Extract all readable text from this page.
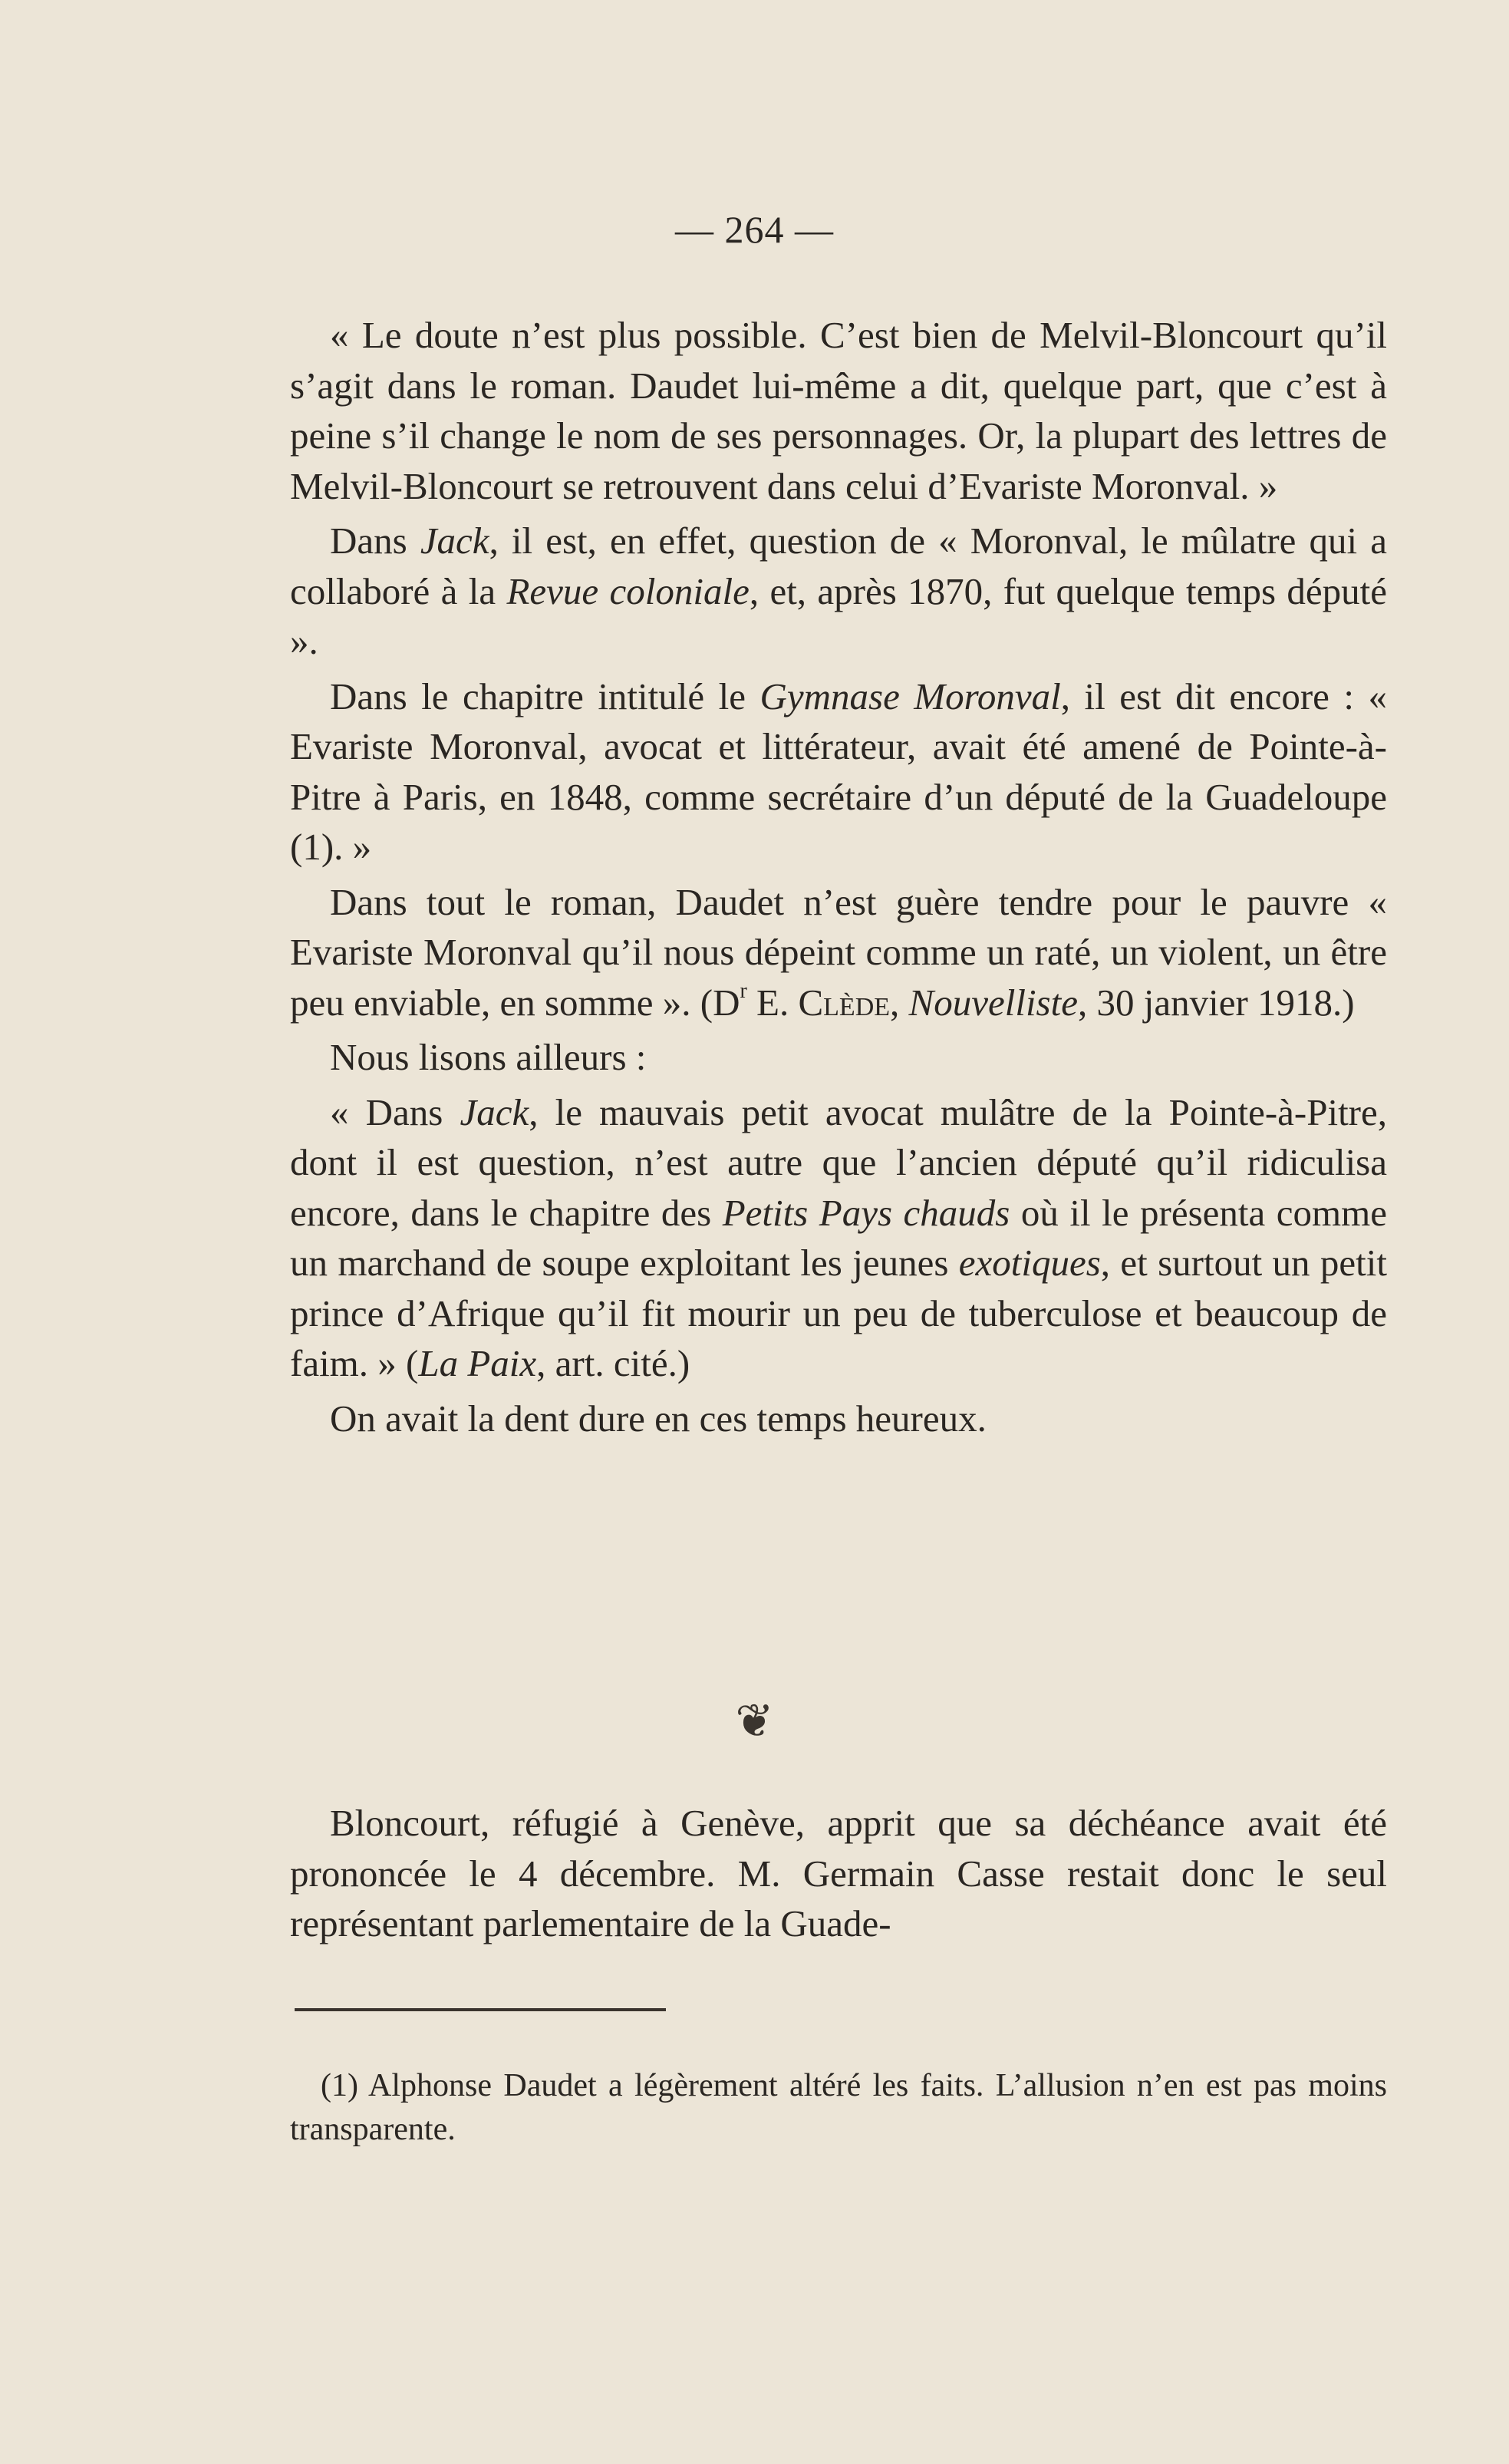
— 264 —

« Le doute n’est plus possible. C’est bien de Melvil-Bloncourt qu’il s’agit dans le roman. Daudet lui-même a dit, quelque part, que c’est à peine s’il change le nom de ses personnages. Or, la plupart des lettres de Melvil-Bloncourt se retrouvent dans celui d’Evariste Moronval. »

Dans Jack, il est, en effet, question de « Moronval, le mûlatre qui a collaboré à la Revue coloniale, et, après 1870, fut quelque temps député ».

Dans le chapitre intitulé le Gymnase Moronval, il est dit encore : « Evariste Moronval, avocat et littérateur, avait été amené de Pointe-à-Pitre à Paris, en 1848, comme secrétaire d’un député de la Guadeloupe (1). »

Dans tout le roman, Daudet n’est guère tendre pour le pauvre « Evariste Moronval qu’il nous dépeint comme un raté, un violent, un être peu enviable, en somme ». ($D^r$ E. Clède, Nouvelliste, 30 janvier 1918.)

Nous lisons ailleurs :

« Dans Jack, le mauvais petit avocat mulâtre de la Pointe-à-Pitre, dont il est question, n’est autre que l’ancien député qu’il ridiculisa encore, dans le chapitre des Petits Pays chauds où il le présenta comme un marchand de soupe exploitant les jeunes exotiques, et surtout un petit prince d’Afrique qu’il fit mourir un peu de tuberculose et beaucoup de faim. » (La Paix, art. cité.)

On avait la dent dure en ces temps heureux.

❦

Bloncourt, réfugié à Genève, apprit que sa déchéance avait été prononcée le 4 décembre. M. Germain Casse restait donc le seul représentant parlementaire de la Guade-

(1) Alphonse Daudet a légèrement altéré les faits. L’allusion n’en est pas moins transparente.
